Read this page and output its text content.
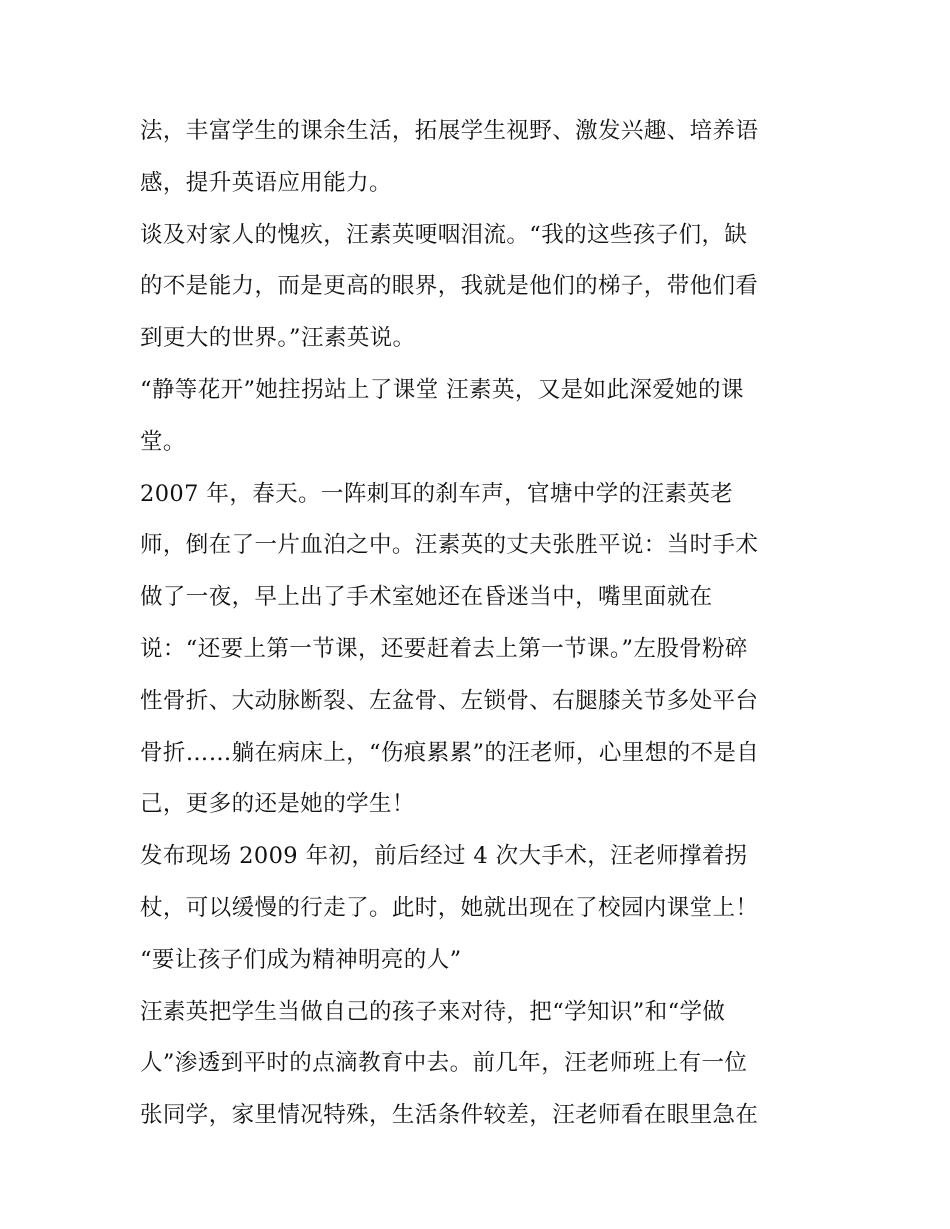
法，丰富学生的课余生活，拓展学生视野、激发兴趣、培养语
感，提升英语应用能力。
谈及对家人的愧疚，汪素英哽咽泪流。“我的这些孩子们，缺
的不是能力，而是更高的眼界，我就是他们的梯子，带他们看
到更大的世界。”汪素英说。
“静等花开”她拄拐站上了课堂 汪素英，又是如此深爱她的课
堂。
2007 年，春天。一阵刺耳的刹车声，官塘中学的汪素英老
师，倒在了一片血泊之中。汪素英的丈夫张胜平说：当时手术
做了一夜，早上出了手术室她还在昏迷当中，嘴里面就在
说：“还要上第一节课，还要赶着去上第一节课。”左股骨粉碎
性骨折、大动脉断裂、左盆骨、左锁骨、右腿膝关节多处平台
骨折……躺在病床上，“伤痕累累”的汪老师，心里想的不是自
己，更多的还是她的学生！
发布现场 2009 年初，前后经过 4 次大手术，汪老师撑着拐
杖，可以缓慢的行走了。此时，她就出现在了校园内课堂上！
“要让孩子们成为精神明亮的人”
汪素英把学生当做自己的孩子来对待，把“学知识”和“学做
人”渗透到平时的点滴教育中去。前几年，汪老师班上有一位
张同学，家里情况特殊，生活条件较差，汪老师看在眼里急在
